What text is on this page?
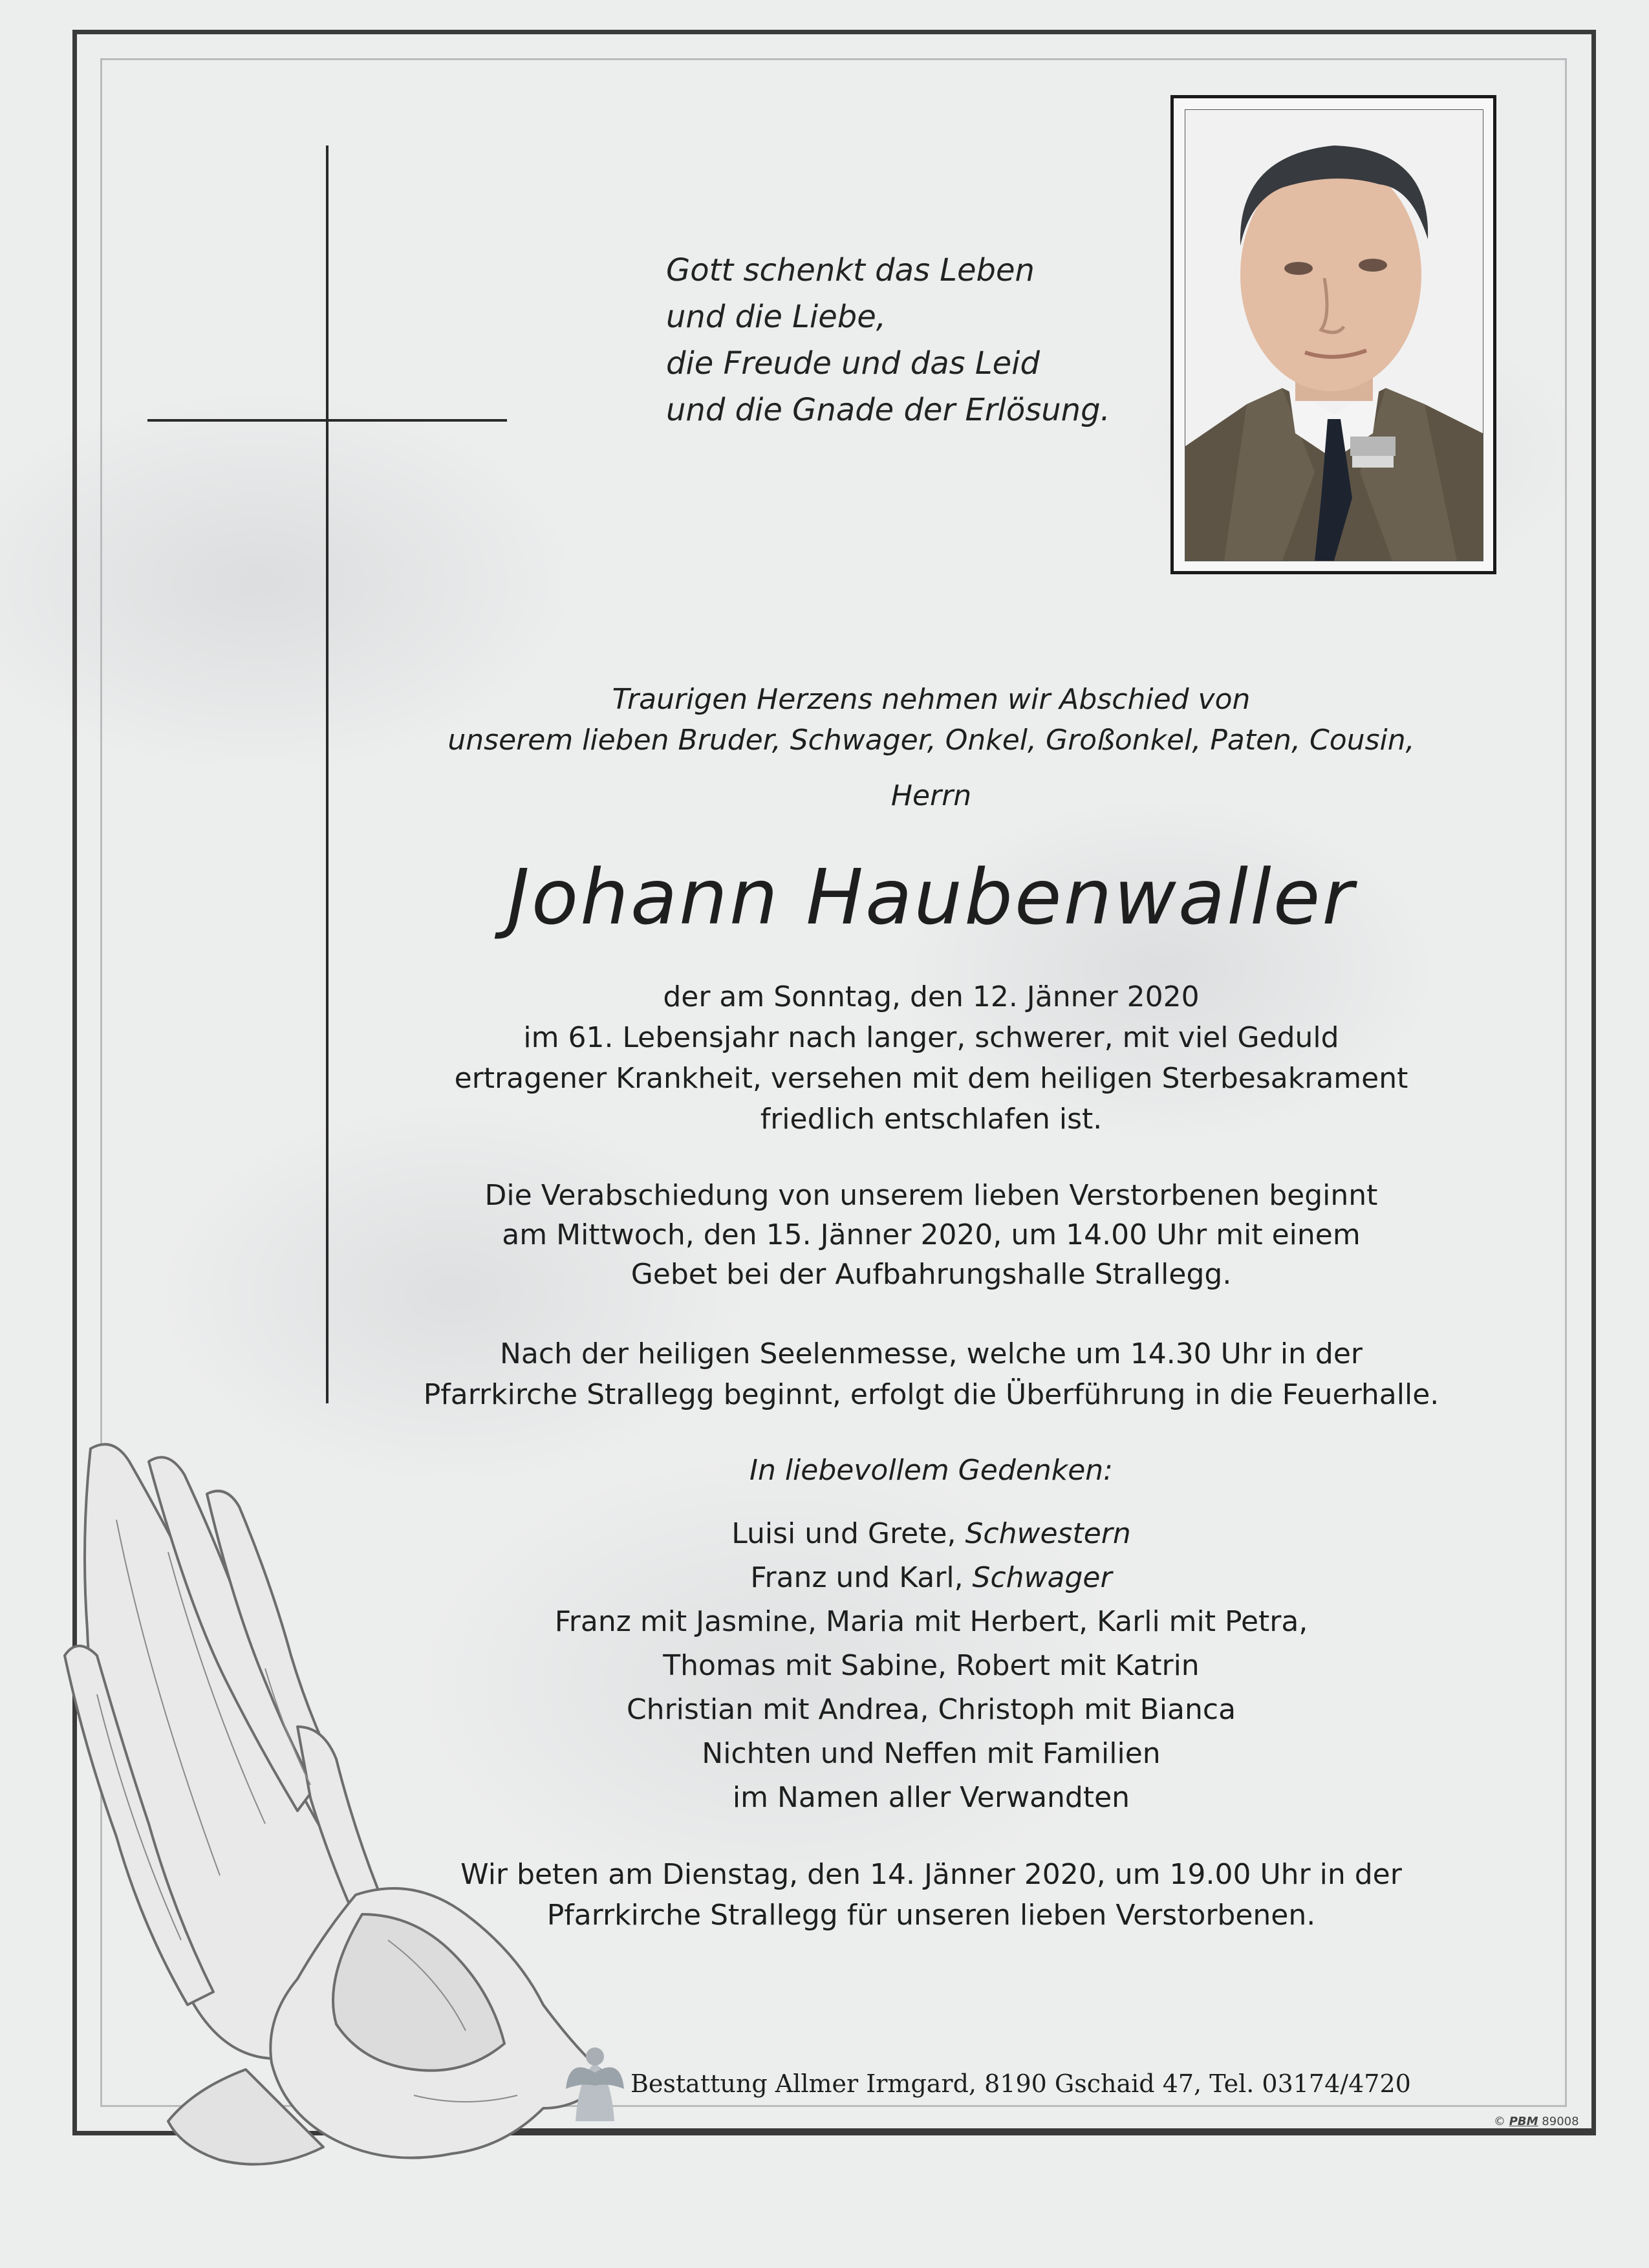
Gott schenkt das Leben
und die Liebe,
die Freude und das Leid
und die Gnade der Erlösung.
Traurigen Herzens nehmen wir Abschied von
unserem lieben Bruder, Schwager, Onkel, Großonkel, Paten, Cousin,
Herrn
Johann Haubenwaller
der am Sonntag, den 12. Jänner 2020
im 61. Lebensjahr nach langer, schwerer, mit viel Geduld
ertragener Krankheit, versehen mit dem heiligen Sterbesakrament
friedlich entschlafen ist.
Die Verabschiedung von unserem lieben Verstorbenen beginnt
am Mittwoch, den 15. Jänner 2020, um 14.00 Uhr mit einem
Gebet bei der Aufbahrungshalle Strallegg.
Nach der heiligen Seelenmesse, welche um 14.30 Uhr in der
Pfarrkirche Strallegg beginnt, erfolgt die Überführung in die Feuerhalle.
In liebevollem Gedenken:
Luisi und Grete, Schwestern
Franz und Karl, Schwager
Franz mit Jasmine, Maria mit Herbert, Karli mit Petra,
Thomas mit Sabine, Robert mit Katrin
Christian mit Andrea, Christoph mit Bianca
Nichten und Neffen mit Familien
im Namen aller Verwandten
Wir beten am Dienstag, den 14. Jänner 2020, um 19.00 Uhr in der
Pfarrkirche Strallegg für unseren lieben Verstorbenen.
Bestattung Allmer Irmgard, 8190 Gschaid 47, Tel. 03174/4720
© PBM 89008
